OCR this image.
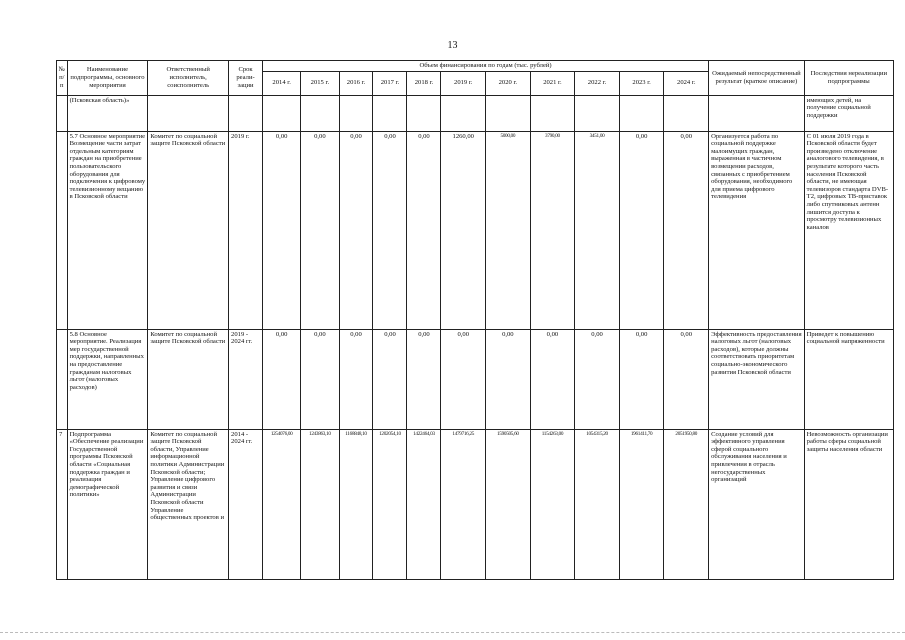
13
№ п/п	Наименование подпрограммы, основного мероприятия	Ответственный исполнитель, соисполнитель	Срок реали-зации	Объем финансирования по годам (тыс. рублей)											Ожидаемый непосредственный результат (краткое описание)	Последствия нереализации подпрограммы
				2014 г.	2015 г.	2016 г.	2017 г.	2018 г.	2019 г.	2020 г.	2021 г.	2022 г.	2023 г.	2024 г.		
	(Псковская область)»															имеющих детей, на получение социальной поддержки
	5.7 Основное мероприятие Возмещение части затрат отдельным категориям граждан на приобретение пользовательского оборудования для подключения к цифровому телевизионному вещанию в Псковской области	Комитет по социальной защите Псковской области	2019 г.	0,00	0,00	0,00	0,00	0,00	1260,00	5000,00	3790,00	3451,00	0,00	0,00	Организуется работа по социальной поддержке малоимущих граждан, выраженная в частичном возмещении расходов, связанных с приобретением оборудования, необходимого для приема цифрового телевидения	С 01 июля 2019 года в Псковской области будет произведено отключение аналогового телевидения, в результате которого часть населения Псковской области, не имеющая телевизоров стандарта DVB-T2, цифровых ТВ-приставок либо спутниковых антенн лишится доступа к просмотру телевизионных каналов
	5.8 Основное мероприятие. Реализация мер государственной поддержки, направленных на предоставление гражданам налоговых льгот (налоговых расходов)	Комитет по социальной защите Псковской области	2019 - 2024 гг.	0,00	0,00	0,00	0,00	0,00	0,00	0,00	0,00	0,00	0,00	0,00	Эффективность предоставления налоговых льгот (налоговых расходов), которые должны соответствовать приоритетам социально-экономического развития Псковской области	Приведет к повышению социальной напряженности
7	Подпрограмма «Обеспечение реализации Государственной программы Псковской области «Социальная поддержка граждан и реализация демографической политики»	Комитет по социальной защите Псковской области, Управление информационной политики Администрации Псковской области; Управление цифрового развития и связи Администрации Псковской области Управление общественных проектов и	2014 - 2024 гг.	1254076,00	1243863,10	1168848,10	1202054,10	1422464,03	1479716,25	1590505,60	1154263,00	1054315,20	1961411,70	2051950,80	Создание условий для эффективного управления сферой социального обслуживания населения и привлечения в отрасль негосударственных организаций	Невозможность организации работы сферы социальной защиты населения области
